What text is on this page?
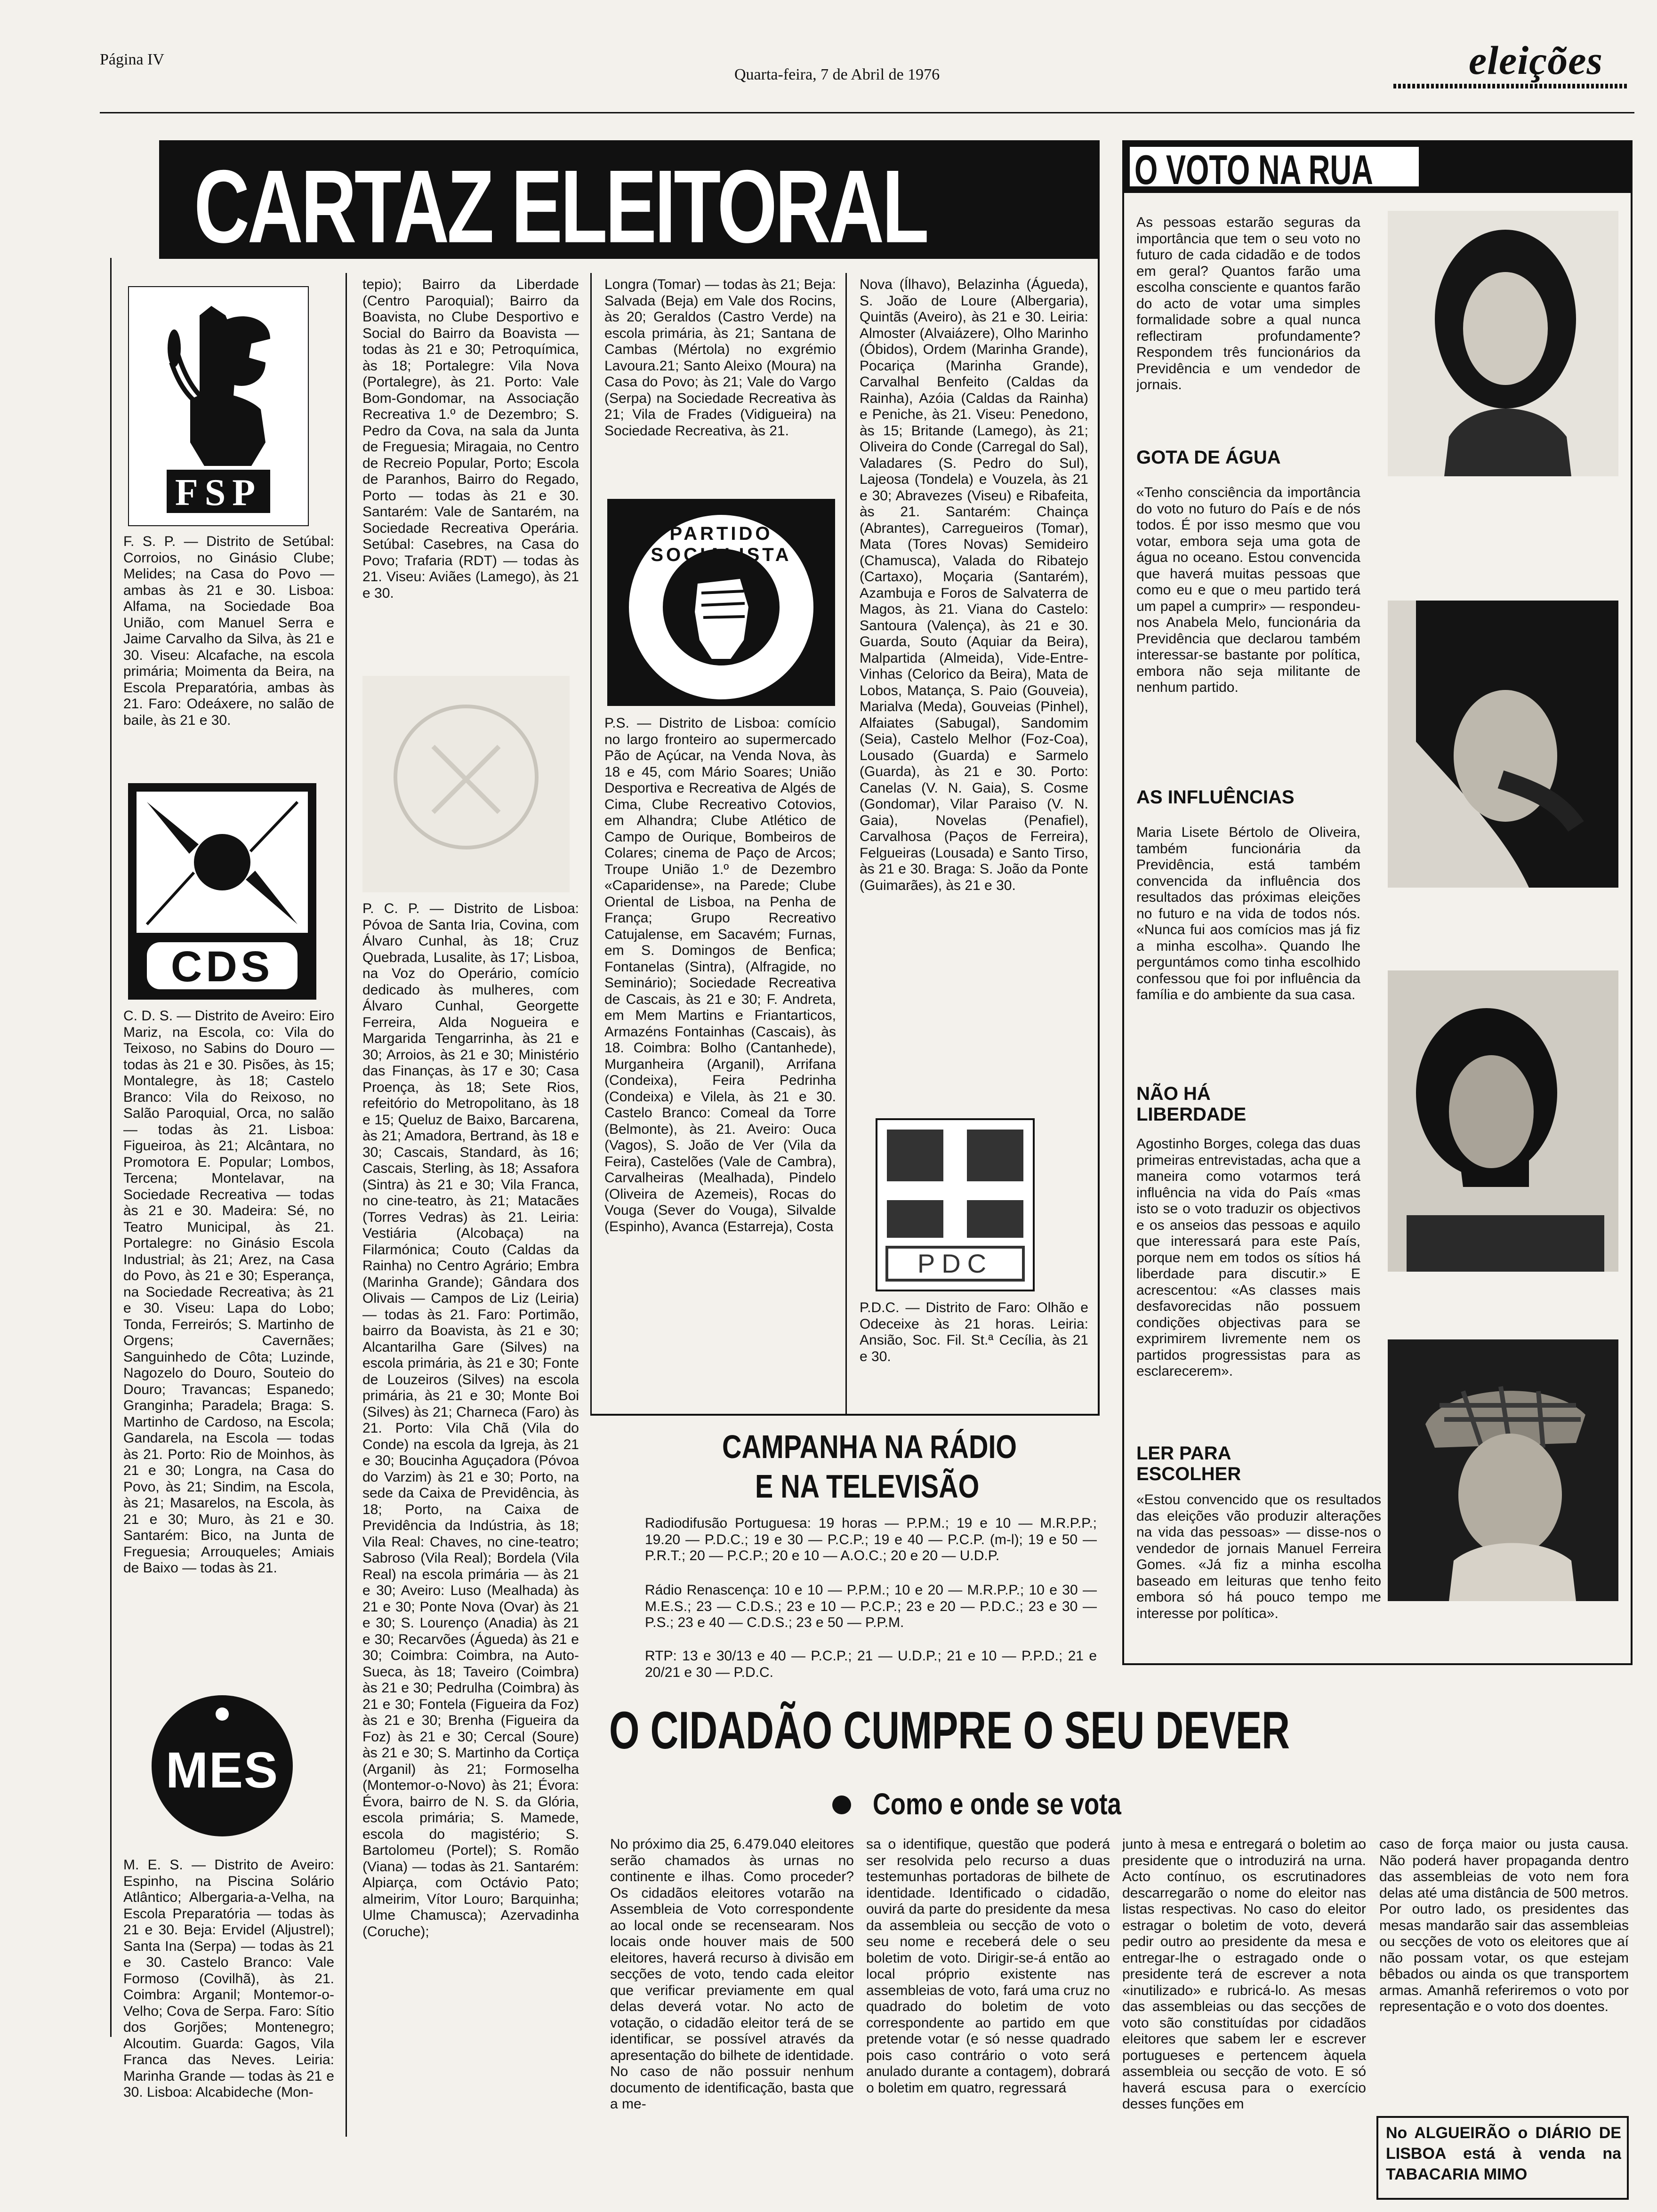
Página IV
Quarta-feira, 7 de Abril de 1976	eleições
CARTAZ ELEITORAL
FSP
F. S. P. — Distrito de Setúbal: Corroios, no Ginásio Clube; Melides; na Casa do Povo — ambas às 21 e 30. Lisboa: Alfama, na Sociedade Boa União, com Manuel Serra e Jaime Carvalho da Silva, às 21 e 30. Viseu: Alcafache, na escola primária; Moimenta da Beira, na Escola Preparatória, ambas às 21. Faro: Odeáxere, no salão de baile, às 21 e 30.
CDS
C. D. S. — Distrito de Aveiro: Eiro Mariz, na Escola, co: Vila do Teixoso, no Sabins do Douro — todas às 21 e 30. Pisões, às 15; Montalegre, às 18; Castelo Branco: Vila do Reixoso, no Salão Paroquial, Orca, no salão — todas às 21. Lisboa: Figueiroa, às 21; Alcântara, no Promotora E. Popular; Lombos, Tercena; Montelavar, na Sociedade Recreativa — todas às 21 e 30. Madeira: Sé, no Teatro Municipal, às 21. Portalegre: no Ginásio Escola Industrial; às 21; Arez, na Casa do Povo, às 21 e 30; Esperança, na Sociedade Recreativa; às 21 e 30. Viseu: Lapa do Lobo; Tonda, Ferreirós; S. Martinho de Orgens; Cavernães; Sanguinhedo de Côta; Luzinde, Nagozelo do Douro, Souteio do Douro; Travancas; Espanedo; Granginha; Paradela; Braga: S. Martinho de Cardoso, na Escola; Gandarela, na Escola — todas às 21. Porto: Rio de Moinhos, às 21 e 30; Longra, na Casa do Povo, às 21; Sindim, na Escola, às 21; Masarelos, na Escola, às 21 e 30; Muro, às 21 e 30. Santarém: Bico, na Junta de Freguesia; Arrouqueles; Amiais de Baixo — todas às 21.
MES
M. E. S. — Distrito de Aveiro: Espinho, na Piscina Solário Atlântico; Albergaria-a-Velha, na Escola Preparatória — todas às 21 e 30. Beja: Ervidel (Aljustrel); Santa Ina (Serpa) — todas às 21 e 30. Castelo Branco: Vale Formoso (Covilhã), às 21. Coimbra: Arganil; Montemor-o-Velho; Cova de Serpa. Faro: Sítio dos Gorjões; Montenegro; Alcoutim. Guarda: Gagos, Vila Franca das Neves. Leiria: Marinha Grande — todas às 21 e 30. Lisboa: Alcabideche (Mon-
tepio); Bairro da Liberdade (Centro Paroquial); Bairro da Boavista, no Clube Desportivo e Social do Bairro da Boavista — todas às 21 e 30; Petroquímica, às 18; Portalegre: Vila Nova (Portalegre), às 21. Porto: Vale Bom-Gondomar, na Associação Recreativa 1.º de Dezembro; S. Pedro da Cova, na sala da Junta de Freguesia; Miragaia, no Centro de Recreio Popular, Porto; Escola de Paranhos, Bairro do Regado, Porto — todas às 21 e 30. Santarém: Vale de Santarém, na Sociedade Recreativa Operária. Setúbal: Casebres, na Casa do Povo; Trafaria (RDT) — todas às 21. Viseu: Aviães (Lamego), às 21 e 30.
P. C. P. — Distrito de Lisboa: Póvoa de Santa Iria, Covina, com Álvaro Cunhal, às 18; Cruz Quebrada, Lusalite, às 17; Lisboa, na Voz do Operário, comício dedicado às mulheres, com Álvaro Cunhal, Georgette Ferreira, Alda Nogueira e Margarida Tengarrinha, às 21 e 30; Arroios, às 21 e 30; Ministério das Finanças, às 17 e 30; Casa Proença, às 18; Sete Rios, refeitório do Metropolitano, às 18 e 15; Queluz de Baixo, Barcarena, às 21; Amadora, Bertrand, às 18 e 30; Cascais, Standard, às 16; Cascais, Sterling, às 18; Assafora (Sintra) às 21 e 30; Vila Franca, no cine-teatro, às 21; Matacães (Torres Vedras) às 21. Leiria: Vestiária (Alcobaça) na Filarmónica; Couto (Caldas da Rainha) no Centro Agrário; Embra (Marinha Grande); Gândara dos Olivais — Campos de Liz (Leiria) — todas às 21. Faro: Portimão, bairro da Boavista, às 21 e 30; Alcantarilha Gare (Silves) na escola primária, às 21 e 30; Fonte de Louzeiros (Silves) na escola primária, às 21 e 30; Monte Boi (Silves) às 21; Charneca (Faro) às 21. Porto: Vila Chã (Vila do Conde) na escola da Igreja, às 21 e 30; Boucinha Aguçadora (Póvoa do Varzim) às 21 e 30; Porto, na sede da Caixa de Previdência, às 18; Porto, na Caixa de Previdência da Indústria, às 18; Vila Real: Chaves, no cine-teatro; Sabroso (Vila Real); Bordela (Vila Real) na escola primária — às 21 e 30; Aveiro: Luso (Mealhada) às 21 e 30; Ponte Nova (Ovar) às 21 e 30; S. Lourenço (Anadia) às 21 e 30; Recarvões (Águeda) às 21 e 30; Coimbra: Coimbra, na Auto-Sueca, às 18; Taveiro (Coimbra) às 21 e 30; Pedrulha (Coimbra) às 21 e 30; Fontela (Figueira da Foz) às 21 e 30; Brenha (Figueira da Foz) às 21 e 30; Cercal (Soure) às 21 e 30; S. Martinho da Cortiça (Arganil) às 21; Formoselha (Montemor-o-Novo) às 21; Évora: Évora, bairro de N. S. da Glória, escola primária; S. Mamede, escola do magistério; S. Bartolomeu (Portel); S. Romão (Viana) — todas às 21. Santarém: Alpiarça, com Octávio Pato; almeirim, Vítor Louro; Barquinha; Ulme Chamusca); Azervadinha (Coruche);
Longra (Tomar) — todas às 21; Beja: Salvada (Beja) em Vale dos Rocins, às 20; Geraldos (Castro Verde) na escola primária, às 21; Santana de Cambas (Mértola) no exgrémio Lavoura.21; Santo Aleixo (Moura) na Casa do Povo; às 21; Vale do Vargo (Serpa) na Sociedade Recreativa às 21; Vila de Frades (Vidigueira) na Sociedade Recreativa, às 21.
PARTIDO SOCIALISTA
P.S. — Distrito de Lisboa: comício no largo fronteiro ao supermercado Pão de Açúcar, na Venda Nova, às 18 e 45, com Mário Soares; União Desportiva e Recreativa de Algés de Cima, Clube Recreativo Cotovios, em Alhandra; Clube Atlético de Campo de Ourique, Bombeiros de Colares; cinema de Paço de Arcos; Troupe União 1.º de Dezembro «Caparidense», na Parede; Clube Oriental de Lisboa, na Penha de França; Grupo Recreativo Catujalense, em Sacavém; Furnas, em S. Domingos de Benfica; Fontanelas (Sintra), (Alfragide, no Seminário); Sociedade Recreativa de Cascais, às 21 e 30; F. Andreta, em Mem Martins e Friantarticos, Armazéns Fontainhas (Cascais), às 18. Coimbra: Bolho (Cantanhede), Murganheira (Arganil), Arrifana (Condeixa), Feira Pedrinha (Condeixa) e Vilela, às 21 e 30. Castelo Branco: Comeal da Torre (Belmonte), às 21. Aveiro: Ouca (Vagos), S. João de Ver (Vila da Feira), Castelões (Vale de Cambra), Carvalheiras (Mealhada), Pindelo (Oliveira de Azemeis), Rocas do Vouga (Sever do Vouga), Silvalde (Espinho), Avanca (Estarreja), Costa
Nova (Ílhavo), Belazinha (Águeda), S. João de Loure (Albergaria), Quintãs (Aveiro), às 21 e 30. Leiria: Almoster (Alvaiázere), Olho Marinho (Óbidos), Ordem (Marinha Grande), Pocariça (Marinha Grande), Carvalhal Benfeito (Caldas da Rainha), Azóia (Caldas da Rainha) e Peniche, às 21. Viseu: Penedono, às 15; Britande (Lamego), às 21; Oliveira do Conde (Carregal do Sal), Valadares (S. Pedro do Sul), Lajeosa (Tondela) e Vouzela, às 21 e 30; Abravezes (Viseu) e Ribafeita, às 21. Santarém: Chainça (Abrantes), Carregueiros (Tomar), Mata (Tores Novas) Semideiro (Chamusca), Valada do Ribatejo (Cartaxo), Moçaria (Santarém), Azambuja e Foros de Salvaterra de Magos, às 21. Viana do Castelo: Santoura (Valença), às 21 e 30. Guarda, Souto (Aquiar da Beira), Malpartida (Almeida), Vide-Entre-Vinhas (Celorico da Beira), Mata de Lobos, Matança, S. Paio (Gouveia), Marialva (Meda), Gouveias (Pinhel), Alfaiates (Sabugal), Sandomim (Seia), Castelo Melhor (Foz-Coa), Lousado (Guarda) e Sarmelo (Guarda), às 21 e 30. Porto: Canelas (V. N. Gaia), S. Cosme (Gondomar), Vilar Paraiso (V. N. Gaia), Novelas (Penafiel), Carvalhosa (Paços de Ferreira), Felgueiras (Lousada) e Santo Tirso, às 21 e 30. Braga: S. João da Ponte (Guimarães), às 21 e 30.
PDC
P.D.C. — Distrito de Faro: Olhão e Odeceixe às 21 horas. Leiria: Ansião, Soc. Fil. St.ª Cecília, às 21 e 30.
CAMPANHA NA RÁDIO
E NA TELEVISÃO
Radiodifusão Portuguesa: 19 horas — P.P.M.; 19 e 10 — M.R.P.P.; 19.20 — P.D.C.; 19 e 30 — P.C.P.; 19 e 40 — P.C.P. (m-l); 19 e 50 — P.R.T.; 20 — P.C.P.; 20 e 10 — A.O.C.; 20 e 20 — U.D.P.
Rádio Renascença: 10 e 10 — P.P.M.; 10 e 20 — M.R.P.P.; 10 e 30 — M.E.S.; 23 — C.D.S.; 23 e 10 — P.C.P.; 23 e 20 — P.D.C.; 23 e 30 — P.S.; 23 e 40 — C.D.S.; 23 e 50 — P.P.M.
RTP: 13 e 30/13 e 40 — P.C.P.; 21 — U.D.P.; 21 e 10 — P.P.D.; 21 e 20/21 e 30 — P.D.C.
O CIDADÃO CUMPRE O SEU DEVER
Como e onde se vota
No próximo dia 25, 6.479.040 eleitores serão chamados às urnas no continente e ilhas. Como proceder? Os cidadãos eleitores votarão na Assembleia de Voto correspondente ao local onde se recensearam. Nos locais onde houver mais de 500 eleitores, haverá recurso à divisão em secções de voto, tendo cada eleitor que verificar previamente em qual delas deverá votar. No acto de votação, o cidadão eleitor terá de se identificar, se possível através da apresentação do bilhete de identidade. No caso de não possuir nenhum documento de identificação, basta que a me-
sa o identifique, questão que poderá ser resolvida pelo recurso a duas testemunhas portadoras de bilhete de identidade. Identificado o cidadão, ouvirá da parte do presidente da mesa da assembleia ou secção de voto o seu nome e receberá dele o seu boletim de voto. Dirigir-se-á então ao local próprio existente nas assembleias de voto, fará uma cruz no quadrado do boletim de voto correspondente ao partido em que pretende votar (e só nesse quadrado pois caso contrário o voto será anulado durante a contagem), dobrará o boletim em quatro, regressará
junto à mesa e entregará o boletim ao presidente que o introduzirá na urna. Acto contínuo, os escrutinadores descarregarão o nome do eleitor nas listas respectivas. No caso do eleitor estragar o boletim de voto, deverá pedir outro ao presidente da mesa e entregar-lhe o estragado onde o presidente terá de escrever a nota «inutilizado» e rubricá-lo. As mesas das assembleias ou das secções de voto são constituídas por cidadãos eleitores que sabem ler e escrever portugueses e pertencem àquela assembleia ou secção de voto. E só haverá escusa para o exercício desses funções em
caso de força maior ou justa causa. Não poderá haver propaganda dentro das assembleias de voto nem fora delas até uma distância de 500 metros. Por outro lado, os presidentes das mesas mandarão sair das assembleias ou secções de voto os eleitores que aí não possam votar, os que estejam bêbados ou ainda os que transportem armas. Amanhã referiremos o voto por representação e o voto dos doentes.
No ALGUEIRÃO o DIÁRIO DE LISBOA está à venda na TABACARIA MIMO
O VOTO NA RUA
As pessoas estarão seguras da importância que tem o seu voto no futuro de cada cidadão e de todos em geral? Quantos farão uma escolha consciente e quantos farão do acto de votar uma simples formalidade sobre a qual nunca reflectiram profundamente? Respondem três funcionários da Previdência e um vendedor de jornais.
GOTA DE ÁGUA
«Tenho consciência da importância do voto no futuro do País e de nós todos. É por isso mesmo que vou votar, embora seja uma gota de água no oceano. Estou convencida que haverá muitas pessoas que como eu e que o meu partido terá um papel a cumprir» — respondeu-nos Anabela Melo, funcionária da Previdência que declarou também interessar-se bastante por política, embora não seja militante de nenhum partido.
AS INFLUÊNCIAS
Maria Lisete Bértolo de Oliveira, também funcionária da Previdência, está também convencida da influência dos resultados das próximas eleições no futuro e na vida de todos nós. «Nunca fui aos comícios mas já fiz a minha escolha». Quando lhe perguntámos como tinha escolhido confessou que foi por influência da família e do ambiente da sua casa.
NÃO HÁ
LIBERDADE
Agostinho Borges, colega das duas primeiras entrevistadas, acha que a maneira como votarmos terá influência na vida do País «mas isto se o voto traduzir os objectivos e os anseios das pessoas e aquilo que interessará para este País, porque nem em todos os sítios há liberdade para discutir.» E acrescentou: «As classes mais desfavorecidas não possuem condições objectivas para se exprimirem livremente nem os partidos progressistas para as esclarecerem».
LER PARA
ESCOLHER
«Estou convencido que os resultados das eleições vão produzir alterações na vida das pessoas» — disse-nos o vendedor de jornais Manuel Ferreira Gomes. «Já fiz a minha escolha baseado em leituras que tenho feito embora só há pouco tempo me interesse por política».
